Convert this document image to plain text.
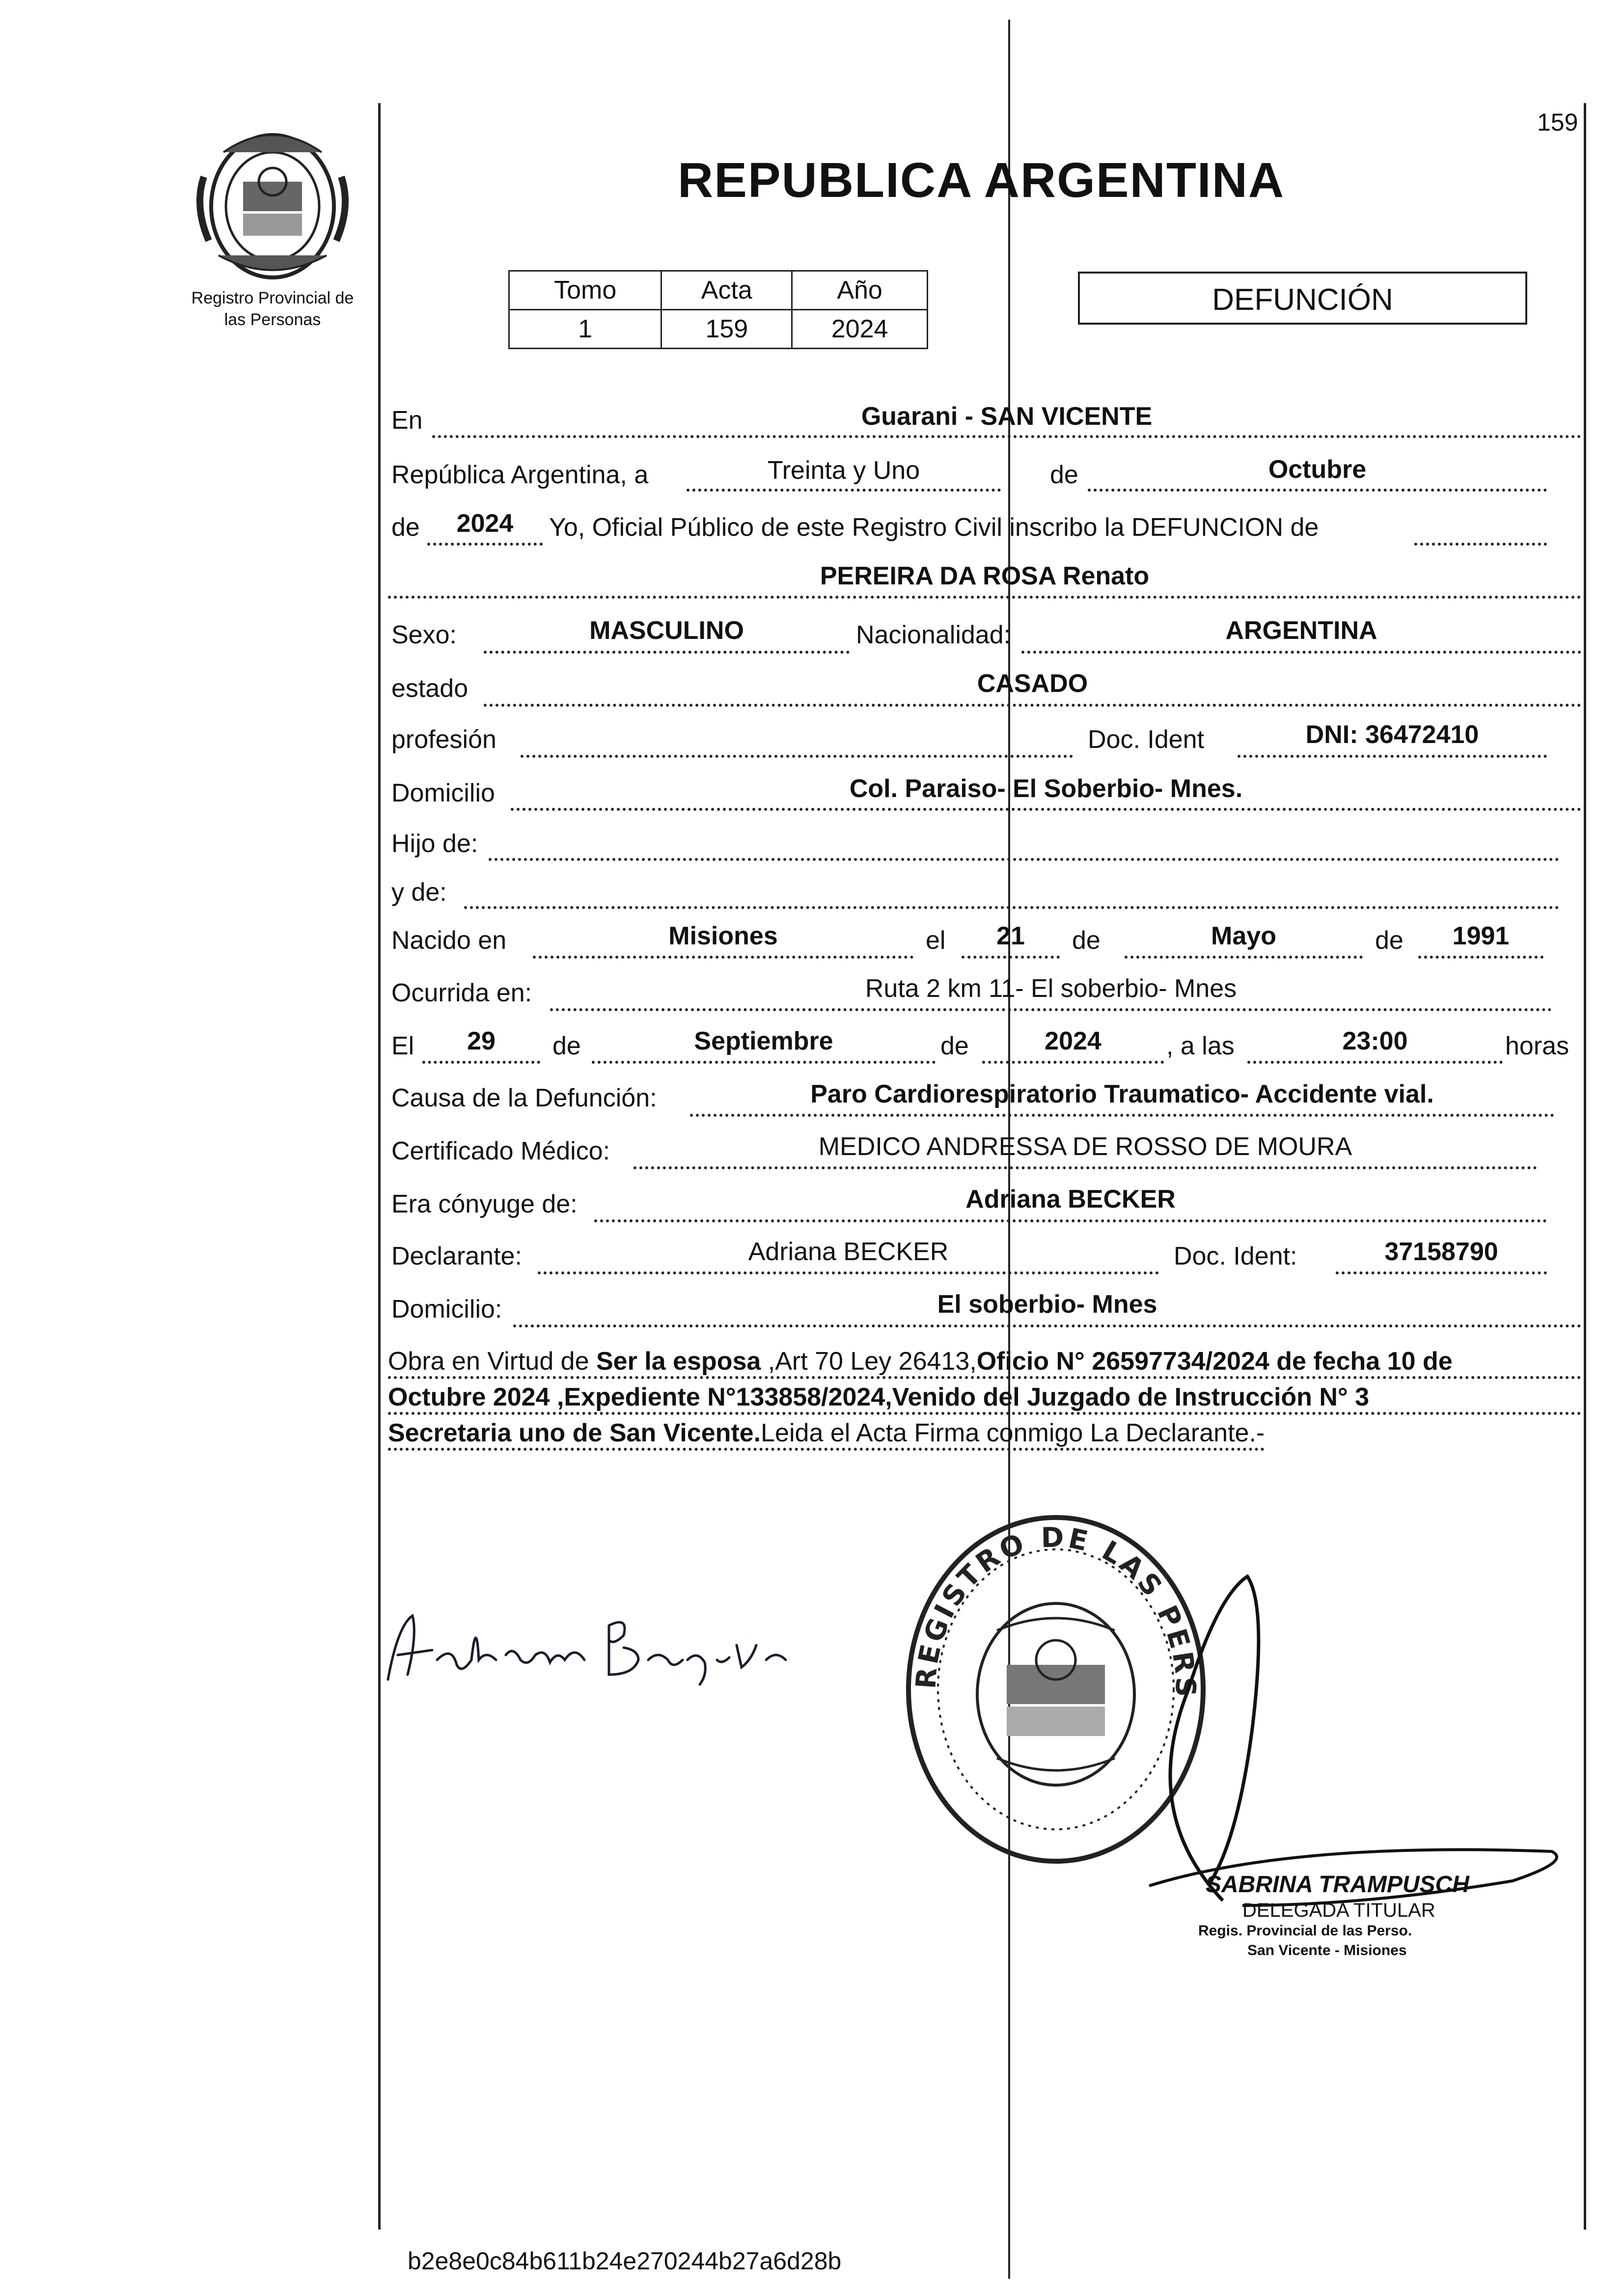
159
Registro Provincial de
las Personas
REPUBLICA ARGENTINA
Tomo	Acta	Año
1	159	2024
DEFUNCIÓN
En	Guarani - SAN VICENTE
República Argentina, a	Treinta y Uno	de	Octubre
de	2024	Yo, Oficial Público de este Registro Civil inscribo la DEFUNCION de
PEREIRA DA ROSA Renato
Sexo:	MASCULINO	Nacionalidad:	ARGENTINA
estado	CASADO
profesión	Doc. Ident	DNI: 36472410
Domicilio	Col. Paraiso- El Soberbio- Mnes.
Hijo de:
y de:
Nacido en	Misiones	el	21	de	Mayo	de	1991
Ocurrida en:	Ruta 2 km 11- El soberbio- Mnes
El	29	de	Septiembre	de	2024	, a las	23:00	horas
Causa de la Defunción:	Paro Cardiorespiratorio Traumatico- Accidente vial.
Certificado Médico:	MEDICO ANDRESSA DE ROSSO DE MOURA
Era cónyuge de:	Adriana BECKER
Declarante:	Adriana BECKER	Doc. Ident:	37158790
Domicilio:	El soberbio- Mnes
Obra en Virtud de Ser la esposa ,Art 70 Ley 26413,Oficio N° 26597734/2024 de fecha 10 de
Octubre 2024 ,Expediente N°133858/2024,Venido del Juzgado de Instrucción N° 3
Secretaria uno de San Vicente.Leida el Acta Firma conmigo La Declarante.-
REGISTRO DE LAS PERS
SABRINA TRAMPUSCH
DELEGADA TITULAR
Regis. Provincial de las Perso.
San Vicente - Misiones
b2e8e0c84b611b24e270244b27a6d28b
